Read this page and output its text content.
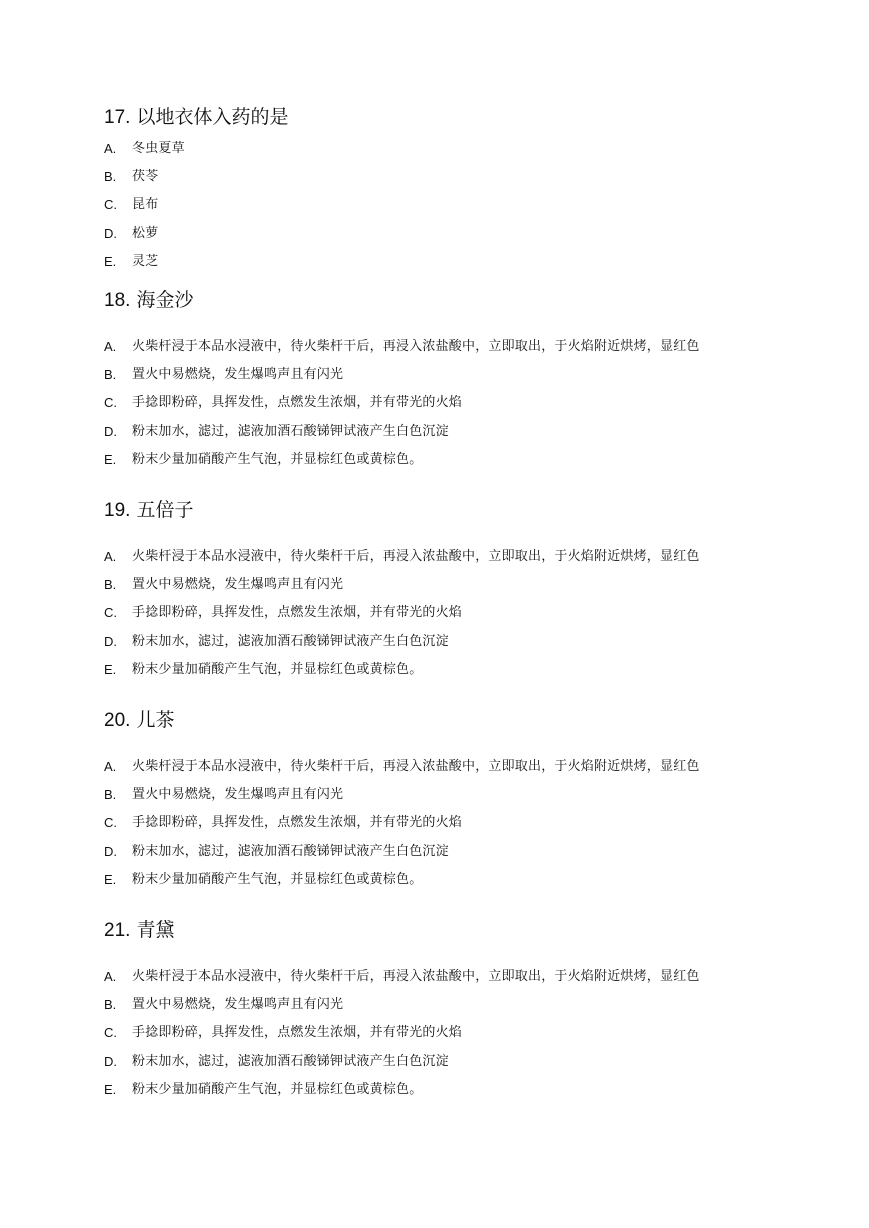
17. 以地衣体入药的是
A. 冬虫夏草
B. 茯苓
C. 昆布
D. 松萝
E. 灵芝
18. 海金沙
A. 火柴杆浸于本品水浸液中，待火柴杆干后，再浸入浓盐酸中，立即取出，于火焰附近烘烤，显红色
B. 置火中易燃烧，发生爆鸣声且有闪光
C. 手捻即粉碎，具挥发性，点燃发生浓烟，并有带光的火焰
D. 粉末加水，滤过，滤液加酒石酸锑钾试液产生白色沉淀
E. 粉末少量加硝酸产生气泡，并显棕红色或黄棕色。
19. 五倍子
A. 火柴杆浸于本品水浸液中，待火柴杆干后，再浸入浓盐酸中，立即取出，于火焰附近烘烤，显红色
B. 置火中易燃烧，发生爆鸣声且有闪光
C. 手捻即粉碎，具挥发性，点燃发生浓烟，并有带光的火焰
D. 粉末加水，滤过，滤液加酒石酸锑钾试液产生白色沉淀
E. 粉末少量加硝酸产生气泡，并显棕红色或黄棕色。
20. 儿茶
A. 火柴杆浸于本品水浸液中，待火柴杆干后，再浸入浓盐酸中，立即取出，于火焰附近烘烤，显红色
B. 置火中易燃烧，发生爆鸣声且有闪光
C. 手捻即粉碎，具挥发性，点燃发生浓烟，并有带光的火焰
D. 粉末加水，滤过，滤液加酒石酸锑钾试液产生白色沉淀
E. 粉末少量加硝酸产生气泡，并显棕红色或黄棕色。
21. 青黛
A. 火柴杆浸于本品水浸液中，待火柴杆干后，再浸入浓盐酸中，立即取出，于火焰附近烘烤，显红色
B. 置火中易燃烧，发生爆鸣声且有闪光
C. 手捻即粉碎，具挥发性，点燃发生浓烟，并有带光的火焰
D. 粉末加水，滤过，滤液加酒石酸锑钾试液产生白色沉淀
E. 粉末少量加硝酸产生气泡，并显棕红色或黄棕色。
